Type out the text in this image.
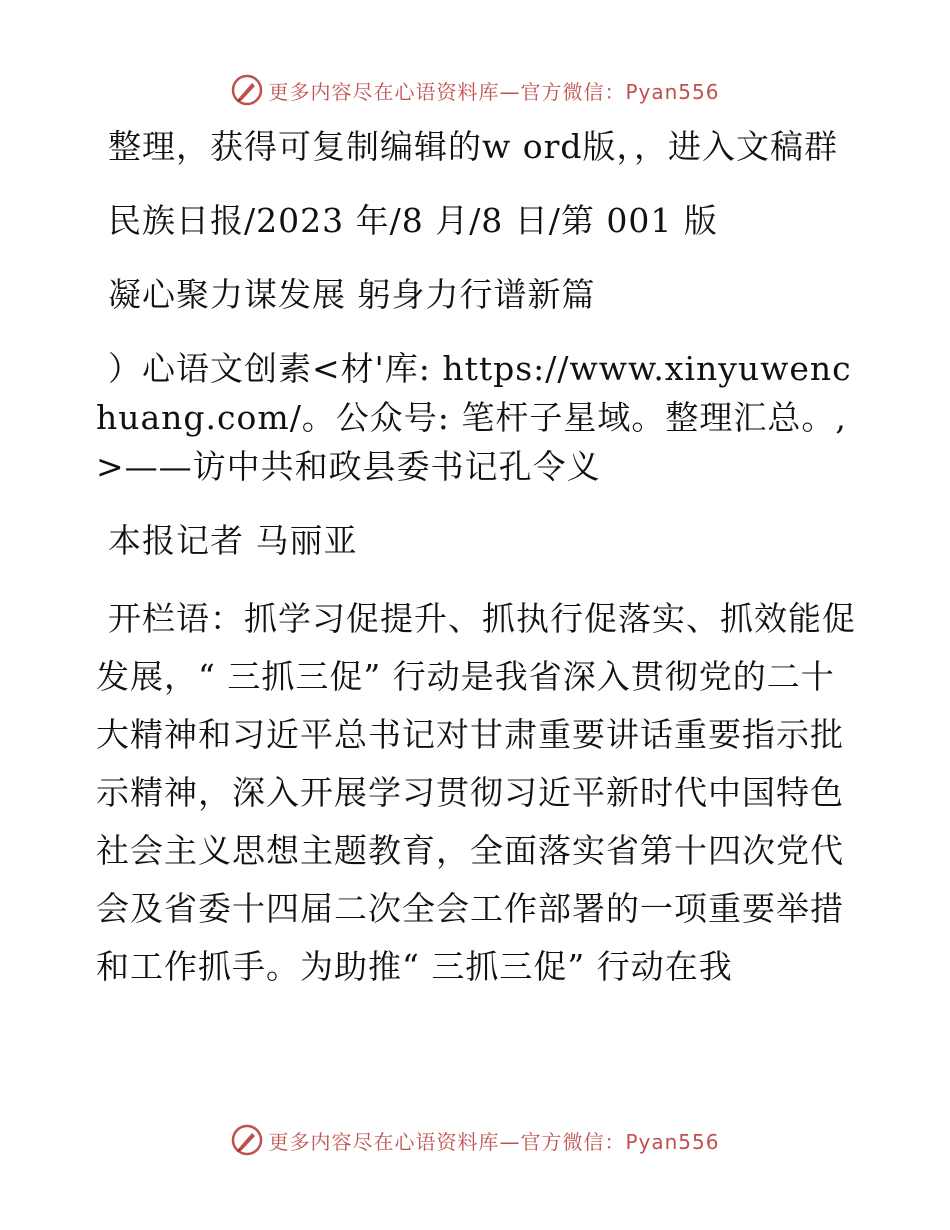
更多内容尽在心语资料库—官方微信：Pyan556

整理，获得可复制编辑的w ord版，，进入文稿群

民族日报/2023 年/8 月/8 日/第 001 版

凝心聚力谋发展 躬身力行谱新篇

）心语文创素<材'库: https://www.xinyuwenchuang.com/。公众号: 笔杆子星域。整理汇总。,>——访中共和政县委书记孔令义

本报记者 马丽亚

开栏语：抓学习促提升、抓执行促落实、抓效能促发展，“ 三抓三促” 行动是我省深入贯彻党的二十大精神和习近平总书记对甘肃重要讲话重要指示批示精神，深入开展学习贯彻习近平新时代中国特色社会主义思想主题教育，全面落实省第十四次党代会及省委十四届二次全会工作部署的一项重要举措和工作抓手。为助推“ 三抓三促” 行动在我

更多内容尽在心语资料库—官方微信：Pyan556
